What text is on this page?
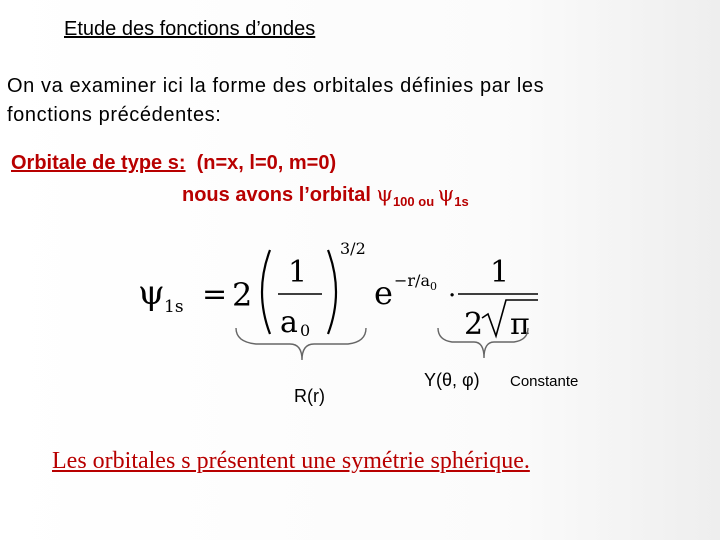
Etude des fonctions d’ondes
On va examiner ici la forme des orbitales définies par les
fonctions précédentes:
Orbitale de type s: (n=x, l=0, m=0)
nous avons l’orbital $\psi_{100}$ $_{ou}$ $\psi_{1s}$
ψ 1s = 2
1
a 0
3/2
e −r/a 0 ·
1
2 π
R(r)
Y(θ, φ) Constante
Les orbitales s présentent une symétrie sphérique.
